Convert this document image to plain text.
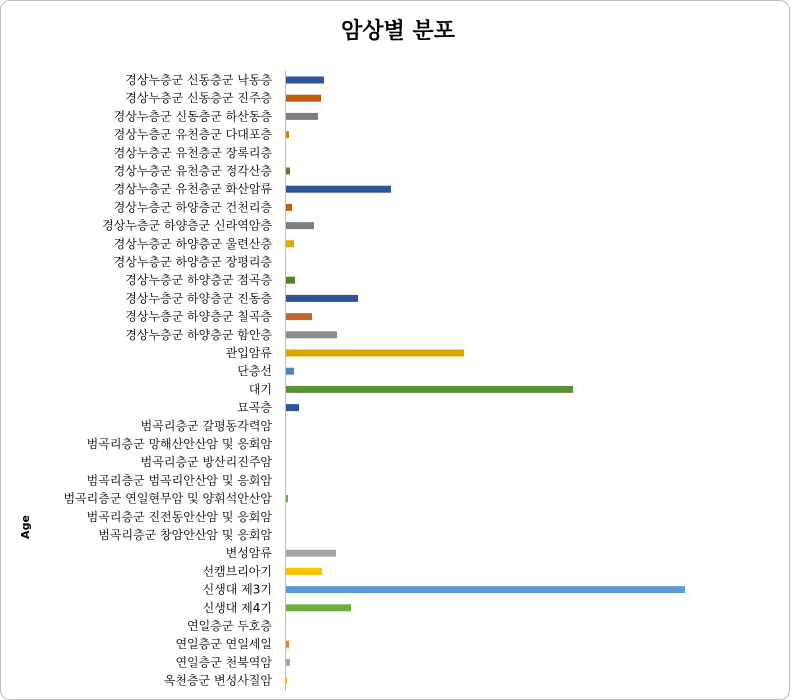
암상별 분포
Age
경상누층군 신동층군 낙동층
경상누층군 신동층군 진주층
경상누층군 신동층군 하산동층
경상누층군 유천층군 다대포층
경상누층군 유천층군 장록리층
경상누층군 유천층군 정각산층
경상누층군 유천층군 화산암류
경상누층군 하양층군 건천리층
경상누층군 하양층군 신라역암층
경상누층군 하양층군 울련산층
경상누층군 하양층군 장평리층
경상누층군 하양층군 점곡층
경상누층군 하양층군 진동층
경상누층군 하양층군 칠곡층
경상누층군 하양층군 함안층
관입암류
단층선
대기
묘곡층
범곡리층군 갈평동각력암
범곡리층군 망해산안산암 및 응회암
범곡리층군 방산리진주암
범곡리층군 범곡리안산암 및 응회암
범곡리층군 연일현무암 및 양휘석안산암
범곡리층군 진전동안산암 및 응회암
범곡리층군 창암안산암 및 응회암
변성암류
선캠브리아기
신생대 제3기
신생대 제4기
연일층군 두호층
연일층군 연일세일
연일층군 천북역암
옥천층군 변성사질암
